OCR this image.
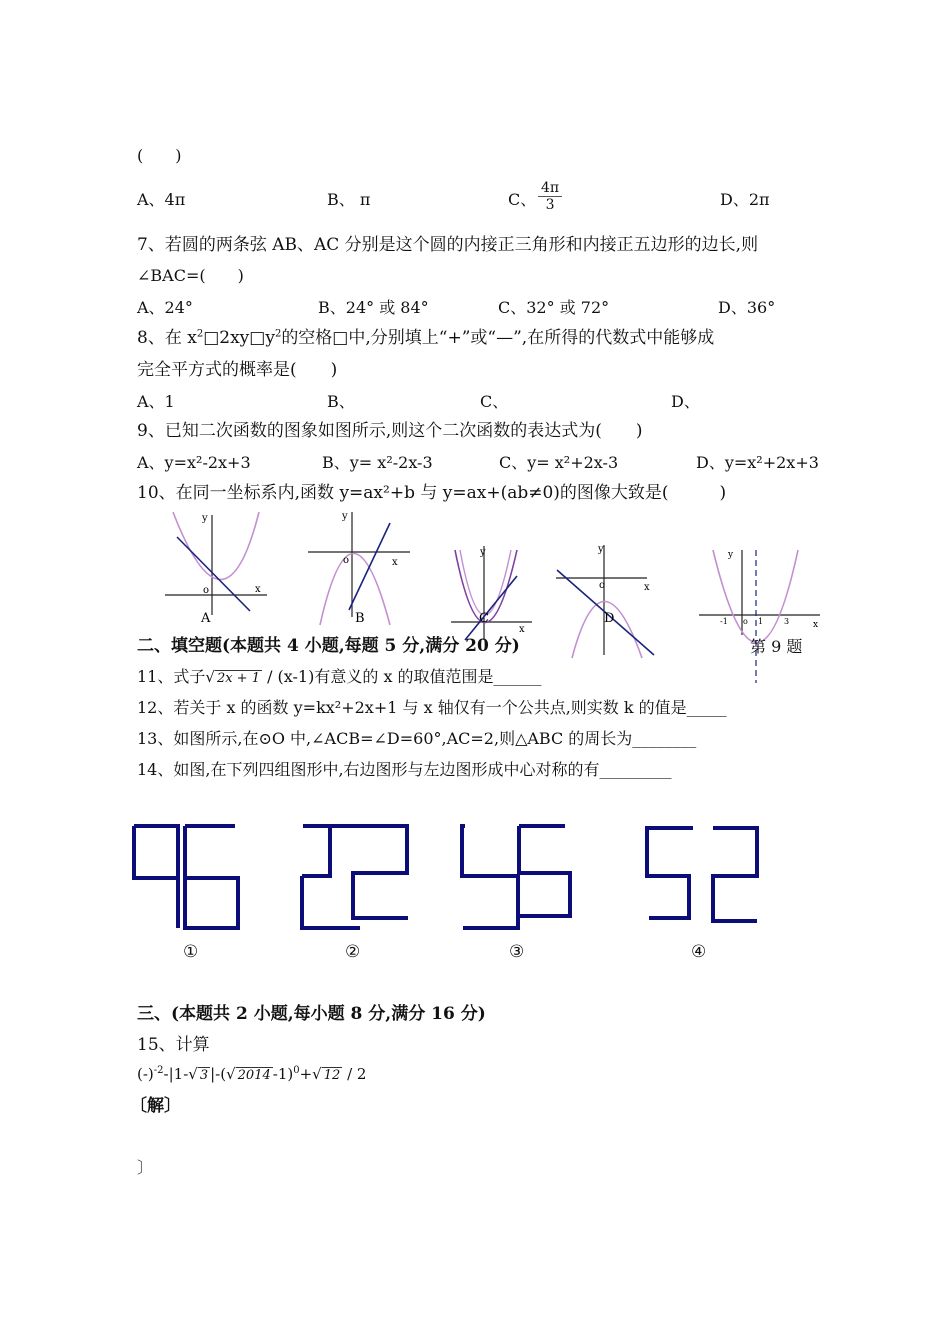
(　　)
A、4π	B、 π	C、 $\frac{4\pi}{3}$	D、2π
7、若圆的两条弦 AB、AC 分别是这个圆的内接正三角形和内接正五边形的边长,则
∠BAC=(　　)
A、24°	B、24° 或 84°	C、32° 或 72°	D、36°
8、在 $x^2□2xy□y^2$的空格□中,分别填上“+”或“—”,在所得的代数式中能够成
完全平方式的概率是(　　)
A、1	B、	C、	D、
9、已知二次函数的图象如图所示,则这个二次函数的表达式为(　　)
A、y=x²-2x+3	B、y= x²-2x-3	C、y= x²+2x-3	D、y=x²+2x+3
10、在同一坐标系内,函数 y=ax²+b 与 y=ax+(ab≠0)的图像大致是(　　　)
y
x
o
A
y
x
o
B
y
x
C
y
x
o
D
y
x
-1 o 1	3
第 9 题
二、填空题(本题共 4 小题,每题 5 分,满分 20 分)
11、式子√ 2x + 1 / (x-1)有意义的 x 的取值范围是______
12、若关于 x 的函数 y=kx²+2x+1 与 x 轴仅有一个公共点,则实数 k 的值是_____
13、如图所示,在⊙O 中,∠ACB=∠D=60°,AC=2,则△ABC 的周长为________
14、如图,在下列四组图形中,右边图形与左边图形成中心对称的有_________
①	②	③	④
三、(本题共 2 小题,每小题 8 分,满分 16 分)
15、计算
$(-)^{-2}-|1-√$ 3 |-(√ 2014 -1)$^0$+√ 12 / 2
〔解〕
〕
